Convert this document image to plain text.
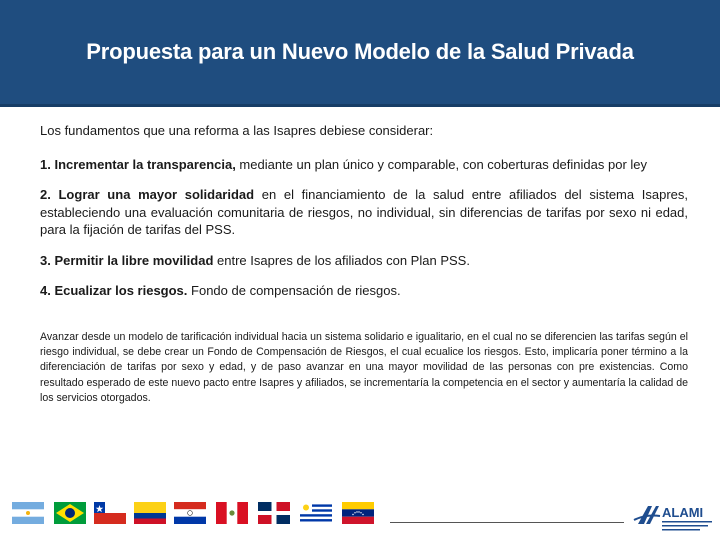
Propuesta para un Nuevo Modelo de la Salud Privada

Los fundamentos que una reforma a las Isapres debiese considerar:

1. Incrementar la transparencia, mediante un plan único y comparable, con coberturas definidas por ley

2. Lograr una mayor solidaridad en el financiamiento de la salud entre afiliados del sistema Isapres, estableciendo una evaluación comunitaria de riesgos, no individual, sin diferencias de tarifas por sexo ni edad, para la fijación de tarifas del PSS.

3. Permitir la libre movilidad entre Isapres de los afiliados con Plan PSS.

4. Ecualizar los riesgos. Fondo de compensación de riesgos.

Avanzar desde un modelo de tarificación individual hacia un sistema solidario e igualitario, en el cual no se diferencien las tarifas según el riesgo individual, se debe crear un Fondo de Compensación de Riesgos, el cual ecualice los riesgos. Esto, implicaría poner término a la diferenciación de tarifas por sexo y edad, y de paso avanzar en una mayor movilidad de las personas con pre existencias. Como resultado esperado de este nuevo pacto entre Isapres y afiliados, se incrementaría la competencia en el sector y aumentaría la calidad de los servicios otorgados.

ALAMI
